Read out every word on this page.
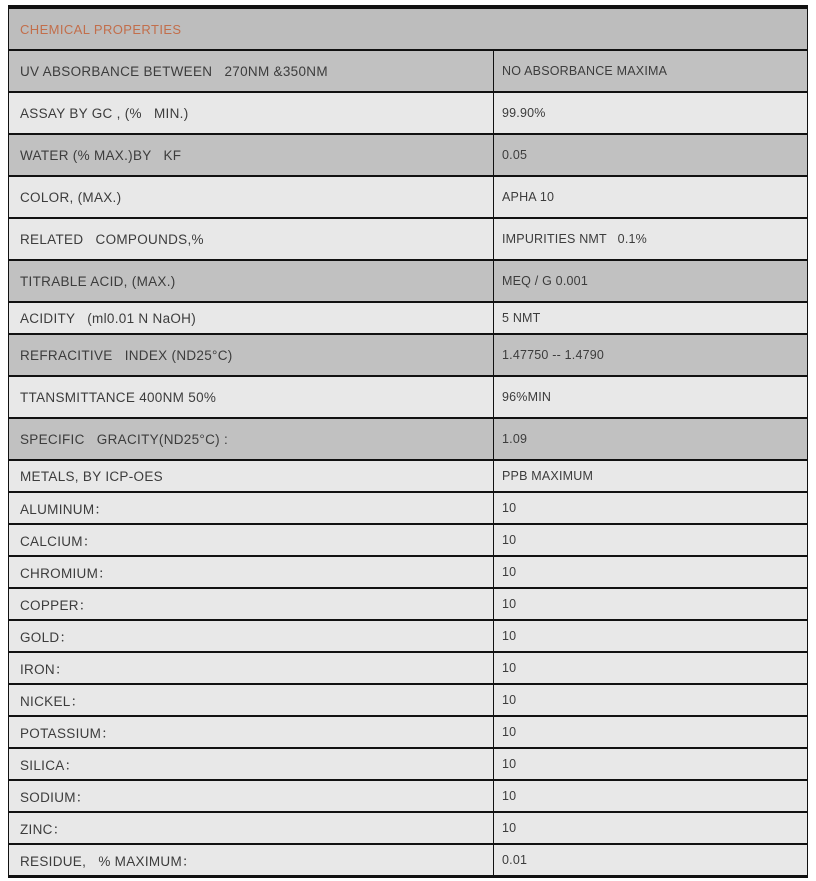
CHEMICAL PROPERTIES
UV ABSORBANCE BETWEEN   270NM &350NM	NO ABSORBANCE MAXIMA
ASSAY BY GC , (%   MIN.)	99.90%
WATER (% MAX.)BY   KF	0.05
COLOR, (MAX.)	APHA 10
RELATED   COMPOUNDS,%	IMPURITIES NMT   0.1%
TITRABLE ACID, (MAX.)	MEQ / G 0.001
ACIDITY   (ml0.01 N NaOH)	5 NMT
REFRACITIVE   INDEX (ND25°C)	1.47750 -- 1.4790
TTANSMITTANCE 400NM 50%	96%MIN
SPECIFIC   GRACITY(ND25°C) :	1.09
METALS, BY ICP-OES	PPB MAXIMUM
ALUMINUM：	10
CALCIUM：	10
CHROMIUM：	10
COPPER：	10
GOLD：	10
IRON：	10
NICKEL：	10
POTASSIUM：	10
SILICA：	10
SODIUM：	10
ZINC：	10
RESIDUE,   % MAXIMUM：	0.01
